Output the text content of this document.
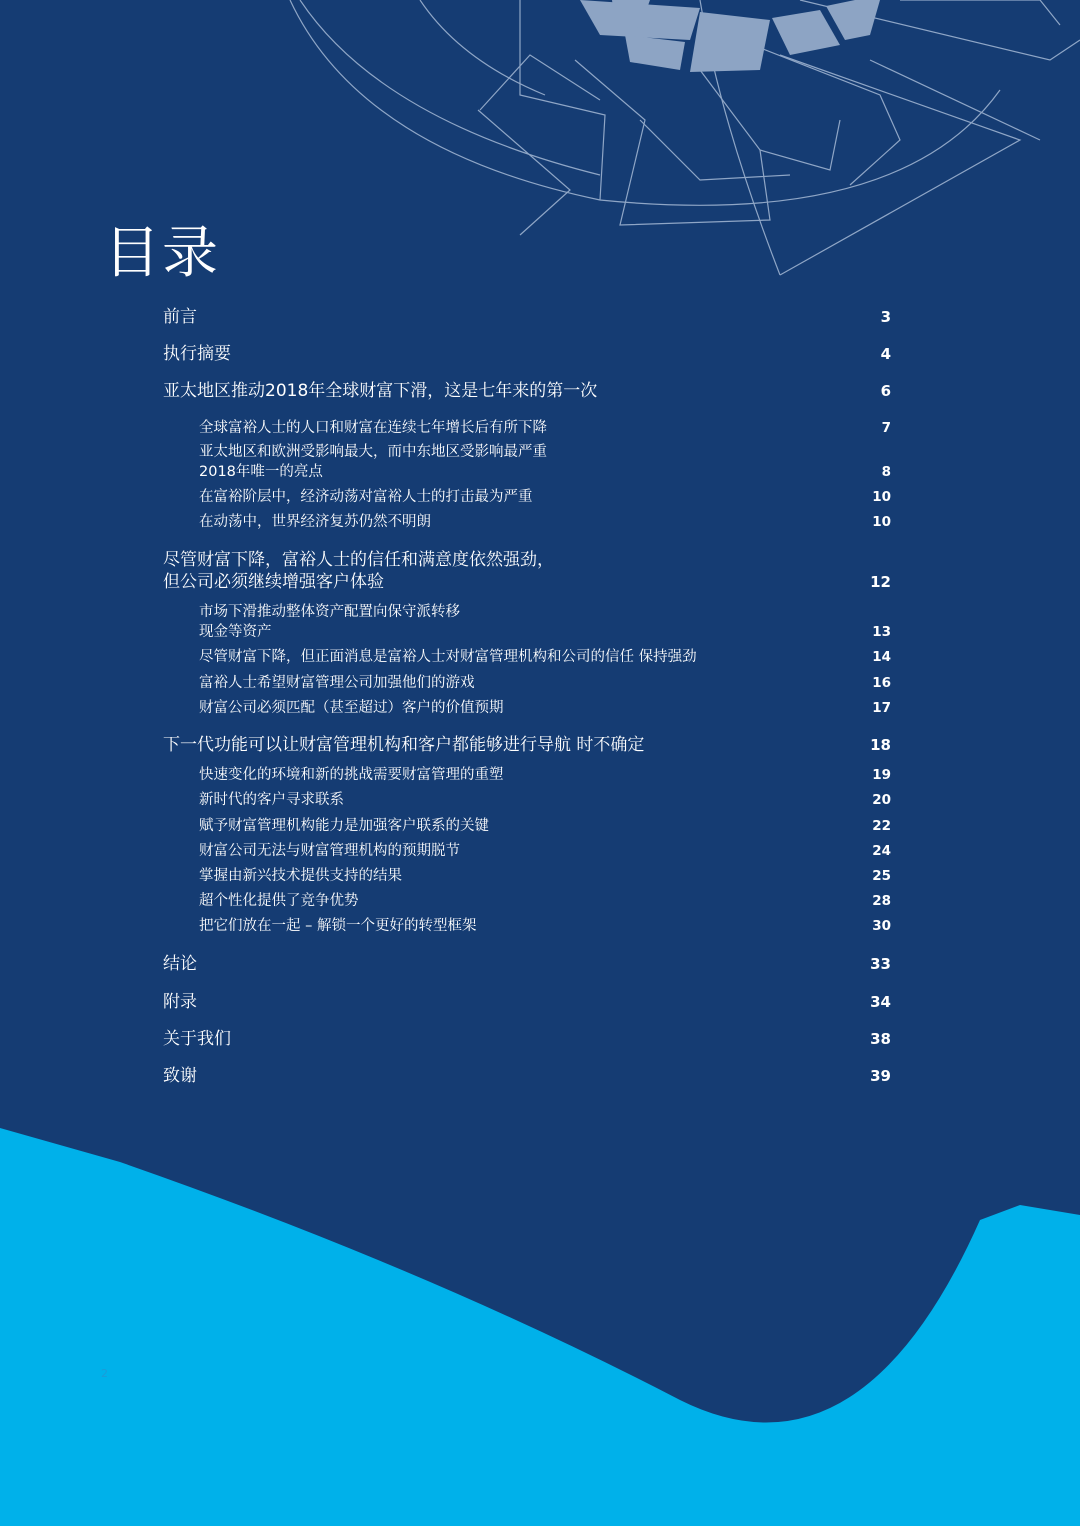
目录
前言	3
执行摘要	4
亚太地区推动2018年全球财富下滑，这是七年来的第一次	6
全球富裕人士的人口和财富在连续七年增长后有所下降	7
亚太地区和欧洲受影响最大，而中东地区受影响最严重
2018年唯一的亮点	8
在富裕阶层中，经济动荡对富裕人士的打击最为严重	10
在动荡中，世界经济复苏仍然不明朗	10
尽管财富下降，富裕人士的信任和满意度依然强劲，
但公司必须继续增强客户体验	12
市场下滑推动整体资产配置向保守派转移
现金等资产	13
尽管财富下降，但正面消息是富裕人士对财富管理机构和公司的信任 保持强劲	14
富裕人士希望财富管理公司加强他们的游戏	16
财富公司必须匹配（甚至超过）客户的价值预期	17
下一代功能可以让财富管理机构和客户都能够进行导航 时不确定	18
快速变化的环境和新的挑战需要财富管理的重塑	19
新时代的客户寻求联系	20
赋予财富管理机构能力是加强客户联系的关键	22
财富公司无法与财富管理机构的预期脱节	24
掌握由新兴技术提供支持的结果	25
超个性化提供了竞争优势	28
把它们放在一起 – 解锁一个更好的转型框架	30
结论	33
附录	34
关于我们	38
致谢	39
2
